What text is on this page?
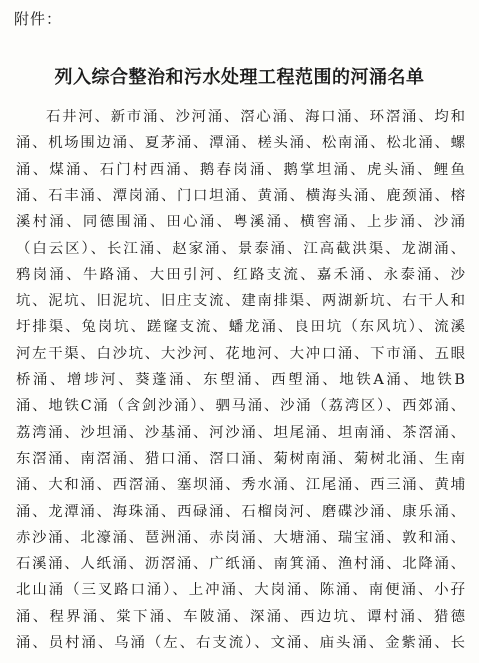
附件：
列入综合整治和污水处理工程范围的河涌名单
石井河、新市涌、沙河涌、滘心涌、海口涌、环滘涌、均和
涌、机场围边涌、夏茅涌、潭涌、槎头涌、松南涌、松北涌、螺
涌、煤涌、石门村西涌、鹅春岗涌、鹅掌坦涌、虎头涌、鲤鱼
涌、石丰涌、潭岗涌、门口坦涌、黄涌、横海头涌、鹿颈涌、榕
溪村涌、同德围涌、田心涌、粤溪涌、横窖涌、上步涌、沙涌
（白云区）、长江涌、赵家涌、景泰涌、江高截洪渠、龙湖涌、
鸦岗涌、牛路涌、大田引河、红路支流、嘉禾涌、永泰涌、沙
坑、泥坑、旧泥坑、旧庄支流、建南排渠、两湖新坑、右干人和
圩排渠、兔岗坑、蹉窿支流、蟠龙涌、良田坑（东风坑）、流溪
河左干渠、白沙坑、大沙河、花地河、大冲口涌、下市涌、五眼
桥涌、增埗河、葵蓬涌、东塱涌、西塱涌、地铁A涌、地铁B
涌、地铁C涌（含剑沙涌）、驷马涌、沙涌（荔湾区）、西郊涌、
荔湾涌、沙坦涌、沙基涌、河沙涌、坦尾涌、坦南涌、茶滘涌、
东滘涌、南滘涌、猎口涌、滘口涌、菊树南涌、菊树北涌、生南
涌、大和涌、西滘涌、塞坝涌、秀水涌、江尾涌、西三涌、黄埔
涌、龙潭涌、海珠涌、西碌涌、石榴岗河、磨碟沙涌、康乐涌、
赤沙涌、北濠涌、琶洲涌、赤岗涌、大塘涌、瑞宝涌、敦和涌、
石溪涌、人纸涌、沥滘涌、广纸涌、南箕涌、渔村涌、北降涌、
北山涌（三叉路口涌）、上冲涌、大岗涌、陈涌、南便涌、小孖
涌、程界涌、棠下涌、车陂涌、深涌、西边坑、谭村涌、猎德
涌、员村涌、乌涌（左、右支流）、文涌、庙头涌、金紫涌、长
